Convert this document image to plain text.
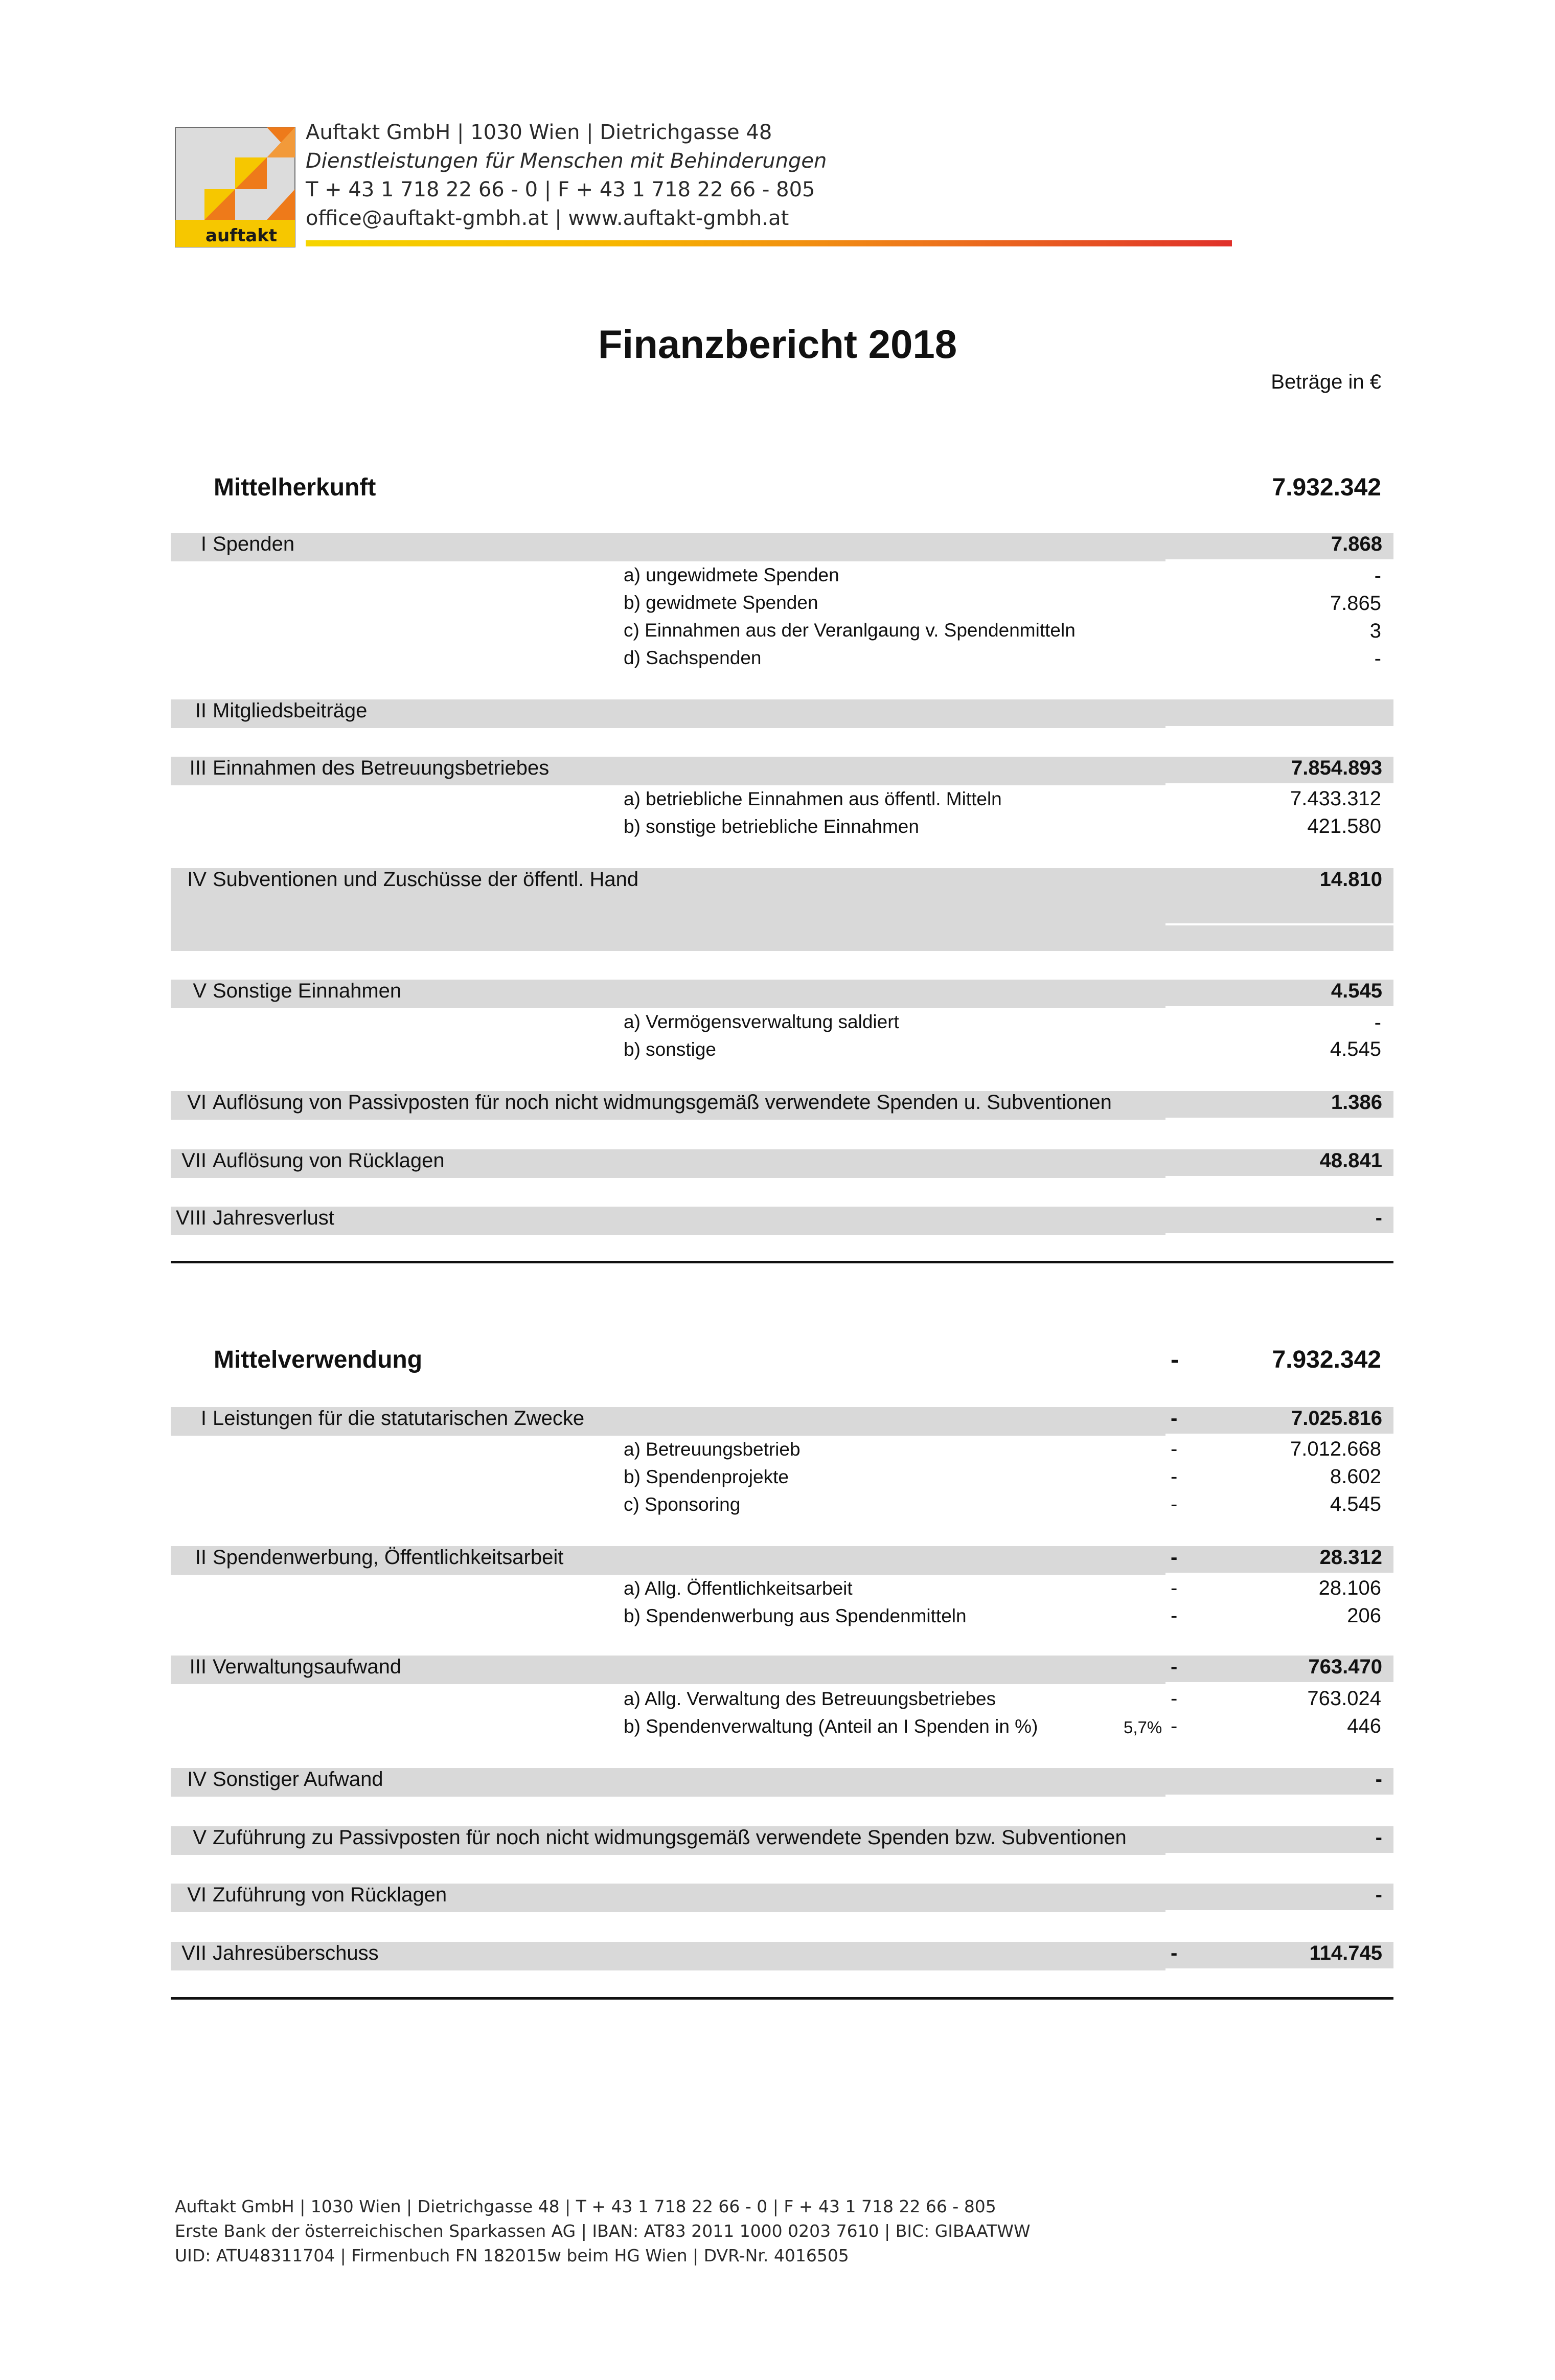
auftakt
Auftakt GmbH | 1030 Wien | Dietrichgasse 48
Dienstleistungen für Menschen mit Behinderungen
T + 43 1 718 22 66 - 0 | F + 43 1 718 22 66 - 805
office@auftakt-gmbh.at | www.auftakt-gmbh.at
Finanzbericht 2018
Beträge in €
Mittelherkunft	7.932.342
I Spenden	7.868
a) ungewidmete Spenden	-
b) gewidmete Spenden	7.865
c) Einnahmen aus der Veranlgaung v. Spendenmitteln	3
d) Sachspenden	-
II Mitgliedsbeiträge
III Einnahmen des Betreuungsbetriebes	7.854.893
a) betriebliche Einnahmen aus öffentl. Mitteln	7.433.312
b) sonstige betriebliche Einnahmen	421.580
IV Subventionen und Zuschüsse der öffentl. Hand	14.810
V Sonstige Einnahmen	4.545
a) Vermögensverwaltung saldiert	-
b) sonstige	4.545
VI Auflösung von Passivposten für noch nicht widmungsgemäß verwendete Spenden u. Subventionen	1.386
VII Auflösung von Rücklagen	48.841
VIII Jahresverlust	-
Mittelverwendung	-	7.932.342
I Leistungen für die statutarischen Zwecke	-	7.025.816
a) Betreuungsbetrieb	-	7.012.668
b) Spendenprojekte	-	8.602
c) Sponsoring	-	4.545
II Spendenwerbung, Öffentlichkeitsarbeit	-	28.312
a) Allg. Öffentlichkeitsarbeit	-	28.106
b) Spendenwerbung aus Spendenmitteln	-	206
III Verwaltungsaufwand	-	763.470
a) Allg. Verwaltung des Betreuungsbetriebes	-	763.024
b) Spendenverwaltung (Anteil an I Spenden in %)	5,7% -	446
IV Sonstiger Aufwand	-
V Zuführung zu Passivposten für noch nicht widmungsgemäß verwendete Spenden bzw. Subventionen	-
VI Zuführung von Rücklagen	-
VII Jahresüberschuss	-	114.745
Auftakt GmbH | 1030 Wien | Dietrichgasse 48 | T + 43 1 718 22 66 - 0 | F + 43 1 718 22 66 - 805
Erste Bank der österreichischen Sparkassen AG | IBAN: AT83 2011 1000 0203 7610 | BIC: GIBAATWW
UID: ATU48311704 | Firmenbuch FN 182015w beim HG Wien | DVR-Nr. 4016505
